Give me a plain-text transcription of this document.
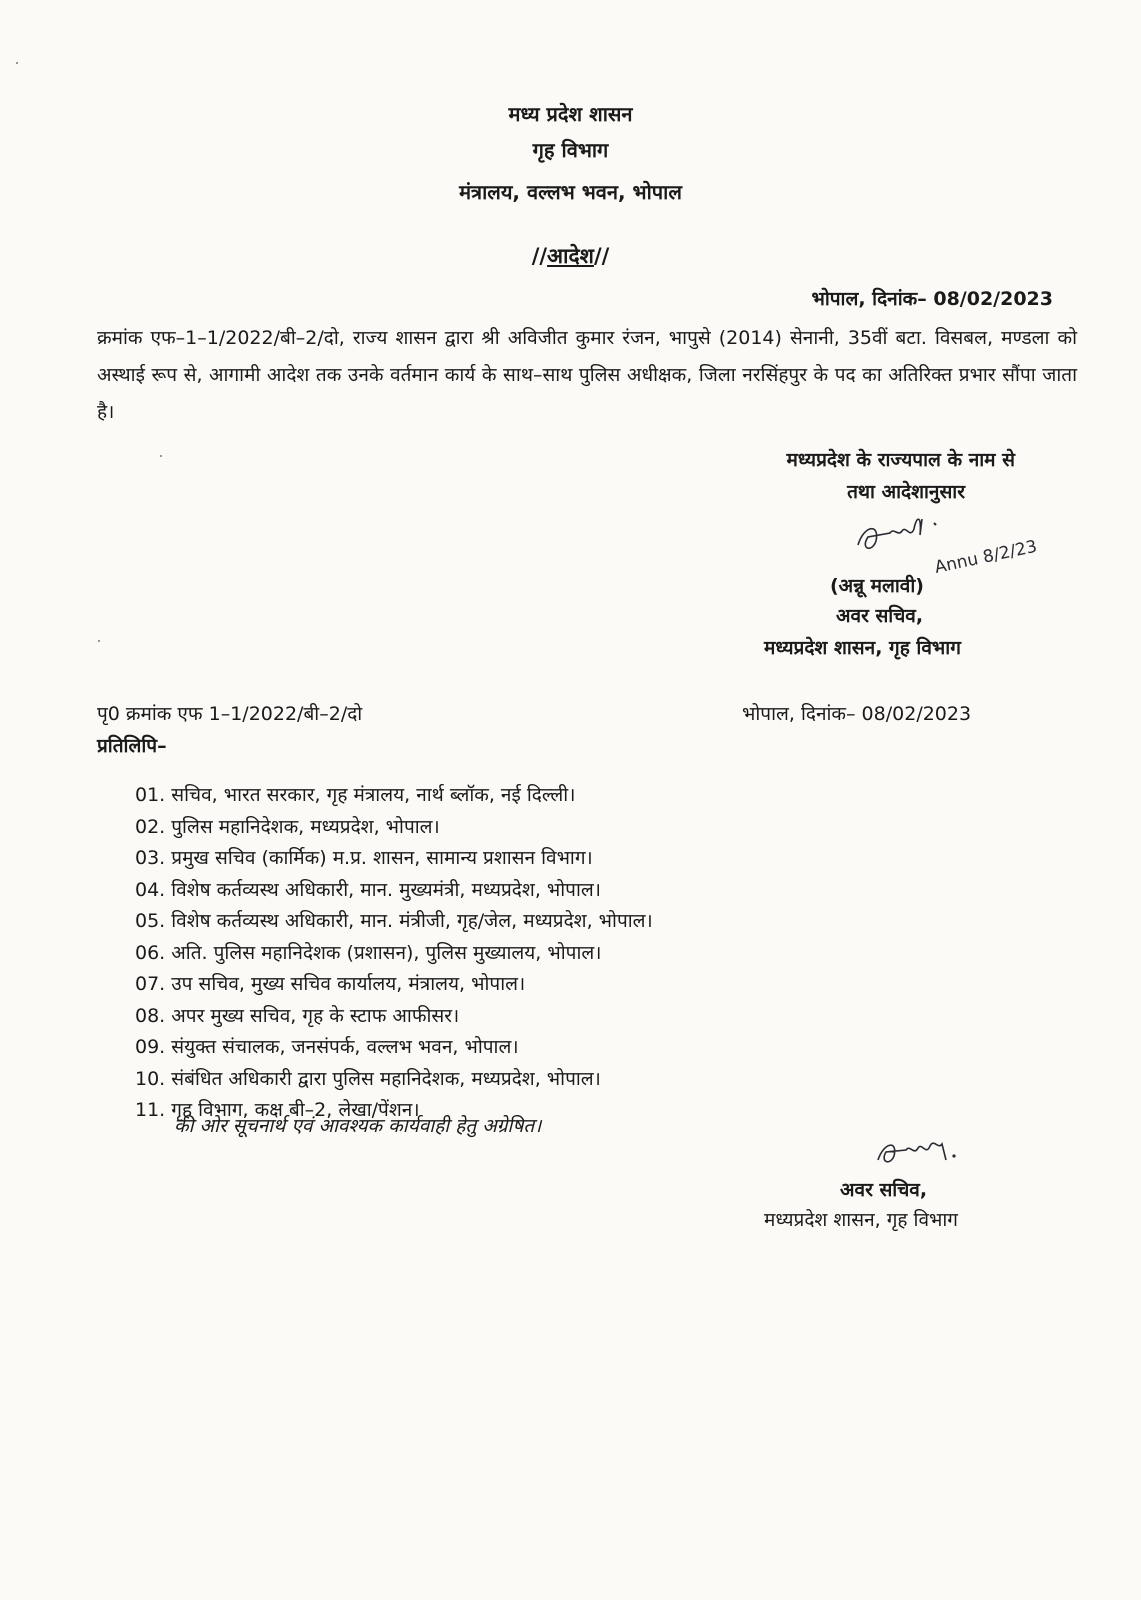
मध्य प्रदेश शासन
गृह विभाग
मंत्रालय, वल्लभ भवन, भोपाल
//आदेश//
भोपाल, दिनांक– 08/02/2023
क्रमांक एफ–1–1/2022/बी–2/दो, राज्य शासन द्वारा श्री अविजीत कुमार रंजन, भापुसे (2014) सेनानी, 35वीं बटा. विसबल, मण्डला को अस्थाई रूप से, आगामी आदेश तक उनके वर्तमान कार्य के साथ–साथ पुलिस अधीक्षक, जिला नरसिंहपुर के पद का अतिरिक्त प्रभार सौंपा जाता है।
मध्यप्रदेश के राज्यपाल के नाम से
तथा आदेशानुसार
Annu 8/2/23
(अन्नू मलावी)
अवर सचिव,
मध्यप्रदेश शासन, गृह विभाग
पृ0 क्रमांक एफ 1–1/2022/बी–2/दो	भोपाल, दिनांक– 08/02/2023
प्रतिलिपि–
01. सचिव, भारत सरकार, गृह मंत्रालय, नार्थ ब्लॉक, नई दिल्ली।
02. पुलिस महानिदेशक, मध्यप्रदेश, भोपाल।
03. प्रमुख सचिव (कार्मिक) म.प्र. शासन, सामान्य प्रशासन विभाग।
04. विशेष कर्तव्यस्थ अधिकारी, मान. मुख्यमंत्री, मध्यप्रदेश, भोपाल।
05. विशेष कर्तव्यस्थ अधिकारी, मान. मंत्रीजी, गृह/जेल, मध्यप्रदेश, भोपाल।
06. अति. पुलिस महानिदेशक (प्रशासन), पुलिस मुख्यालय, भोपाल।
07. उप सचिव, मुख्य सचिव कार्यालय, मंत्रालय, भोपाल।
08. अपर मुख्य सचिव, गृह के स्टाफ आफीसर।
09. संयुक्त संचालक, जनसंपर्क, वल्लभ भवन, भोपाल।
10. संबंधित अधिकारी द्वारा पुलिस महानिदेशक, मध्यप्रदेश, भोपाल।
11. गृह विभाग, कक्ष बी–2, लेखा/पेंशन।
की ओर सूचनार्थ एवं आवश्यक कार्यवाही हेतु अग्रेषित।	Annu
अवर सचिव,
मध्यप्रदेश शासन, गृह विभाग
